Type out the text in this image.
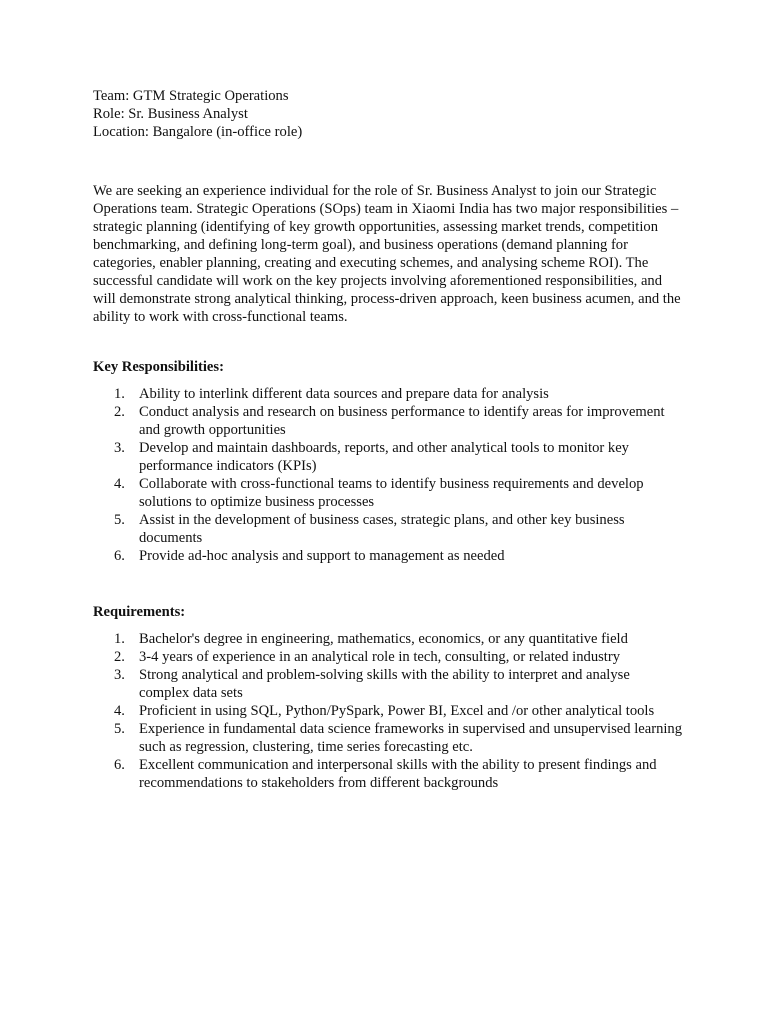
Team: GTM Strategic Operations

Role: Sr. Business Analyst

Location: Bangalore (in-office role)

We are seeking an experience individual for the role of Sr. Business Analyst to join our Strategic Operations team. Strategic Operations (SOps) team in Xiaomi India has two major responsibilities – strategic planning (identifying of key growth opportunities, assessing market trends, competition benchmarking, and defining long-term goal), and business operations (demand planning for categories, enabler planning, creating and executing schemes, and analysing scheme ROI). The successful candidate will work on the key projects involving aforementioned responsibilities, and will demonstrate strong analytical thinking, process-driven approach, keen business acumen, and the ability to work with cross-functional teams.

Key Responsibilities:

1. Ability to interlink different data sources and prepare data for analysis
2. Conduct analysis and research on business performance to identify areas for improvement and growth opportunities
3. Develop and maintain dashboards, reports, and other analytical tools to monitor key performance indicators (KPIs)
4. Collaborate with cross-functional teams to identify business requirements and develop solutions to optimize business processes
5. Assist in the development of business cases, strategic plans, and other key business documents
6. Provide ad-hoc analysis and support to management as needed

Requirements:

1. Bachelor's degree in engineering, mathematics, economics, or any quantitative field
2. 3-4 years of experience in an analytical role in tech, consulting, or related industry
3. Strong analytical and problem-solving skills with the ability to interpret and analyse complex data sets
4. Proficient in using SQL, Python/PySpark, Power BI, Excel and /or other analytical tools
5. Experience in fundamental data science frameworks in supervised and unsupervised learning such as regression, clustering, time series forecasting etc.
6. Excellent communication and interpersonal skills with the ability to present findings and recommendations to stakeholders from different backgrounds
